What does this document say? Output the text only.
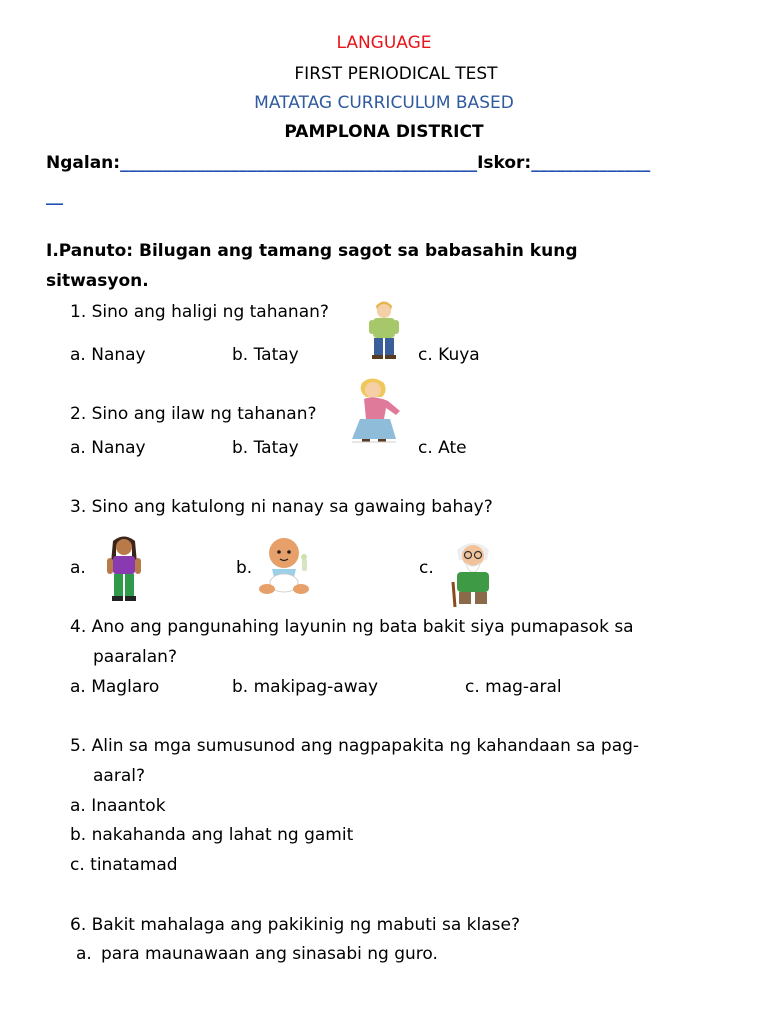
LANGUAGE
FIRST PERIODICAL TEST
MATATAG CURRICULUM BASED
PAMPLONA DISTRICT
Ngalan:__________________________________________Iskor:______________
__
I.Panuto: Bilugan ang tamang sagot sa babasahin kung
sitwasyon.
1. Sino ang haligi ng tahanan?
a. Nanay	b. Tatay	c. Kuya
2. Sino ang ilaw ng tahanan?
a. Nanay	b. Tatay	c. Ate
3. Sino ang katulong ni nanay sa gawaing bahay?
a.	b.	c.
4. Ano ang pangunahing layunin ng bata bakit siya pumapasok sa
paaralan?
a. Maglaro	b. makipag-away	c. mag-aral
5. Alin sa mga sumusunod ang nagpapakita ng kahandaan sa pag-
aaral?
a. Inaantok
b. nakahanda ang lahat ng gamit
c. tinatamad
6. Bakit mahalaga ang pakikinig ng mabuti sa klase?
a. para maunawaan ang sinasabi ng guro.
